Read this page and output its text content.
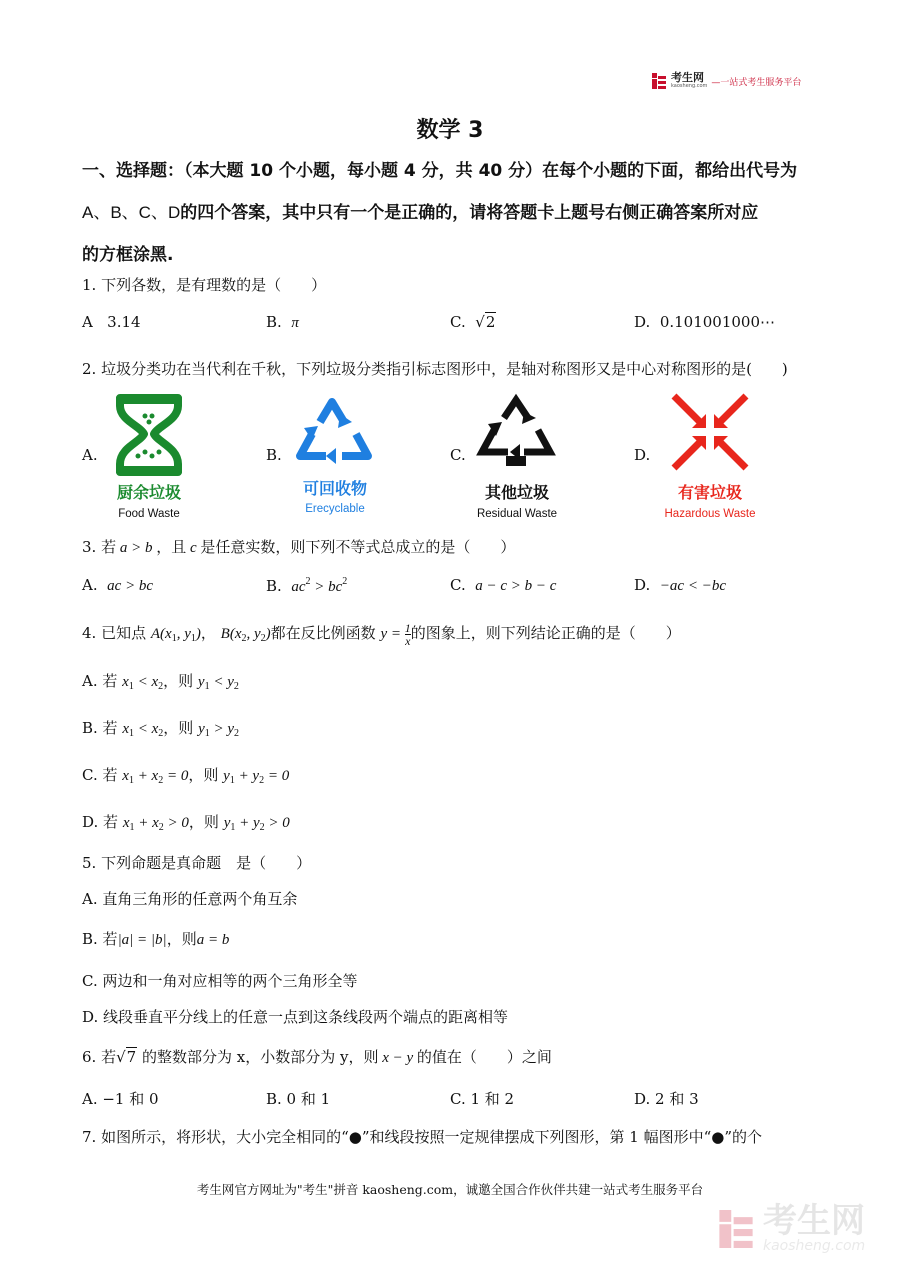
考生网
kaosheng.com —一站式考生服务平台
数学 3
一、选择题：（本大题 10 个小题，每小题 4 分，共 40 分）在每个小题的下面，都给出代号为
A、B、C、D的四个答案，其中只有一个是正确的，请将答题卡上题号右侧正确答案所对应
的方框涂黑.
1. 下列各数，是有理数的是（　　）
A 3.14	B. π	C. √2	D. 0.101001000⋯
2. 垃圾分类功在当代利在千秋，下列垃圾分类指引标志图形中，是轴对称图形又是中心对称图形的是(　　)
A.
厨余垃圾
Food Waste
B.
可回收物
Erecyclable
C.
其他垃圾
Residual Waste
D.
有害垃圾
Hazardous Waste
3. 若 a > b ，且 c 是任意实数，则下列不等式总成立的是（　　）
A. ac > bc	B. $ac^2 > bc^2$	C. a − c > b − c	D. −ac < −bc
4. 已知点 $A(x_1$, $y_1$)， $B(x_2$, $y_2$)都在反比例函数 $y = \frac{1}{x}$ 的图象上，则下列结论正确的是（　　）
A. 若 $x_1 < x_2$，则 $y_1 < y_2$
B. 若 $x_1 < x_2$，则 $y_1 > y_2$
C. 若 $x_1 + x_2 = 0$，则 $y_1 + y_2 = 0$
D. 若 $x_1 + x_2 > 0$，则 $y_1 + y_2 > 0$
5. 下列命题是真命题　是（　　）
A. 直角三角形的任意两个角互余
B. 若|a| = |b|，则a = b
C. 两边和一角对应相等的两个三角形全等
D. 线段垂直平分线上的任意一点到这条线段两个端点的距离相等
6. 若√7 的整数部分为 x，小数部分为 y，则 x − y 的值在（　　）之间
A. −1 和 0	B. 0 和 1	C. 1 和 2	D. 2 和 3
7. 如图所示，将形状，大小完全相同的“●”和线段按照一定规律摆成下列图形，第 1 幅图形中“●”的个
考生网官方网址为"考生"拼音 kaosheng.com，诚邀全国合作伙伴共建一站式考生服务平台
考生网
kaosheng.com
